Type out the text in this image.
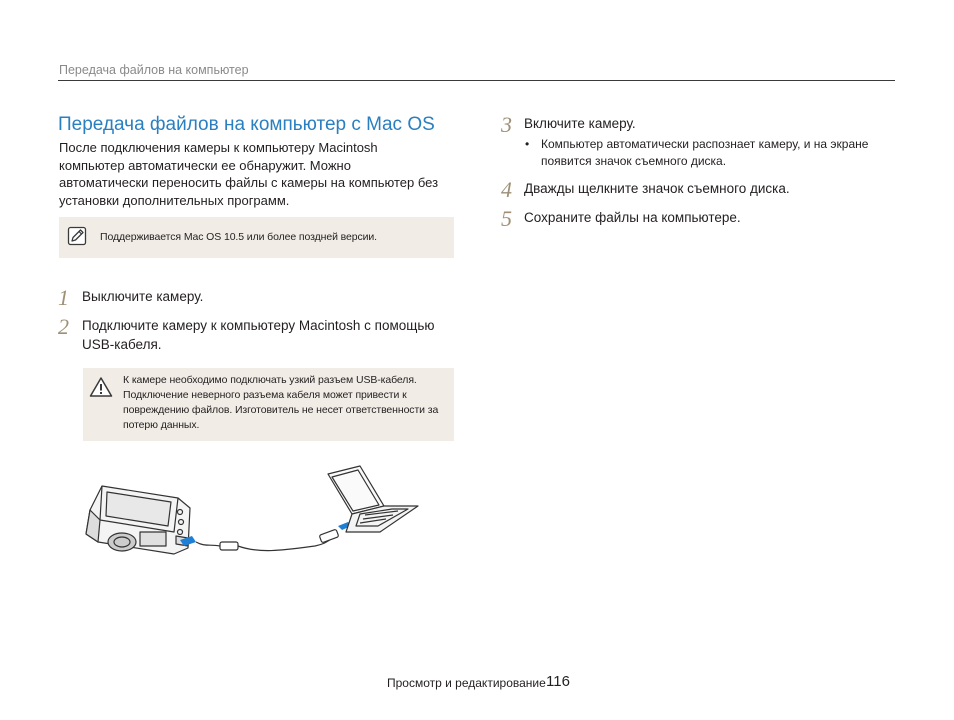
Передача файлов на компьютер
Передача файлов на компьютер с Mac OS
После подключения камеры к компьютеру Macintosh
компьютер автоматически ее обнаружит. Можно
автоматически переносить файлы с камеры на компьютер без
установки дополнительных программ.
Поддерживается Mac OS 10.5 или более поздней версии.
1 Выключите камеру.
2 Подключите камеру к компьютеру Macintosh с помощью
USB-кабеля.
К камере необходимо подключать узкий разъем USB-кабеля.
Подключение неверного разъема кабеля может привести к
повреждению файлов. Изготовитель не несет ответственности за
потерю данных.
3 Включите камеру.
• Компьютер автоматически распознает камеру, и на экране
появится значок съемного диска.
4 Дважды щелкните значок съемного диска.
5 Сохраните файлы на компьютере.
Просмотр и редактирование 116
